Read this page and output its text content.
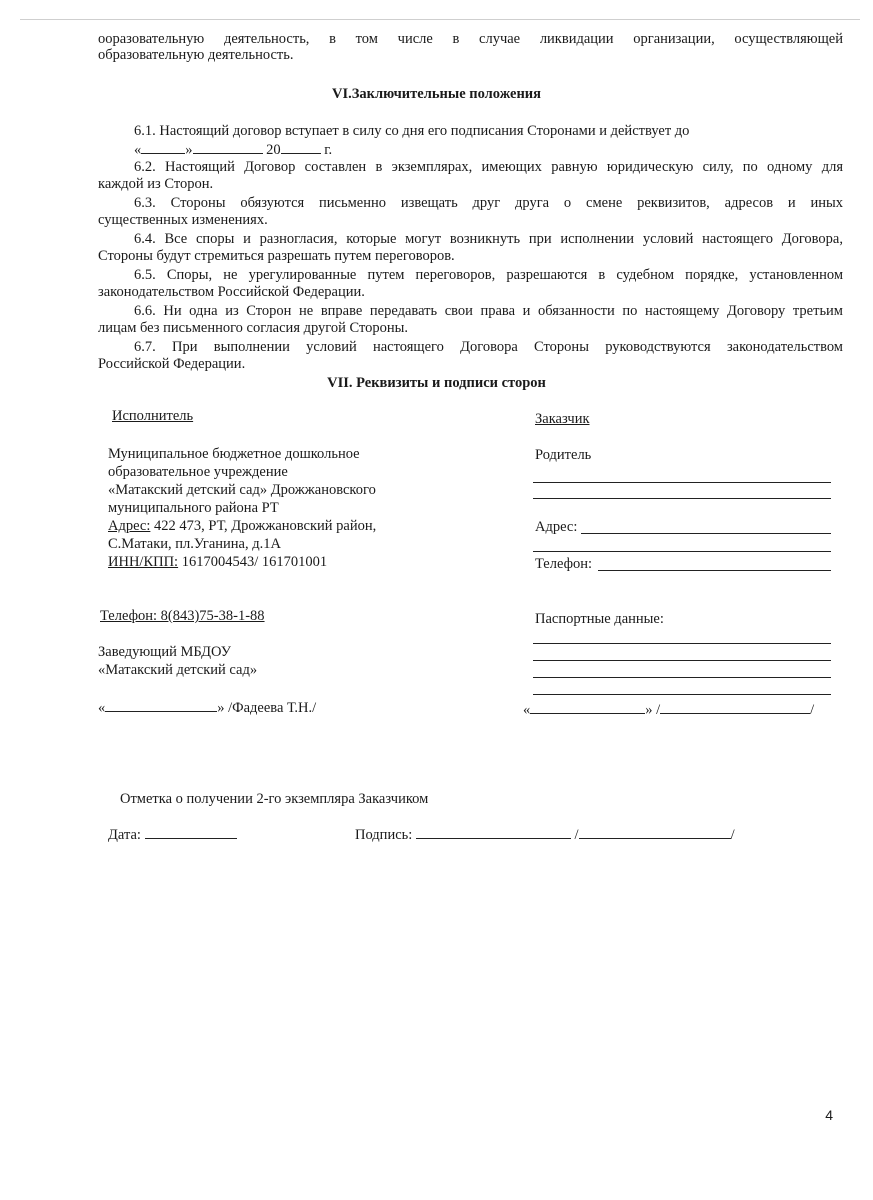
ооразовательную деятельность, в том числе в случае ликвидации организации, осуществляющей
образовательную деятельность.
VI.Заключительные положения
6.1. Настоящий договор вступает в силу со дня его подписания Сторонами и действует до
«	»	20	г.
6.2. Настоящий Договор составлен в экземплярах, имеющих равную юридическую силу, по одному для
каждой из Сторон.
6.3. Стороны обязуются письменно извещать друг друга о смене реквизитов, адресов и иных
существенных изменениях.
6.4. Все споры и разногласия, которые могут возникнуть при исполнении условий настоящего Договора,
Стороны будут стремиться разрешать путем переговоров.
6.5. Споры, не урегулированные путем переговоров, разрешаются в судебном порядке, установленном
законодательством Российской Федерации.
6.6. Ни одна из Сторон не вправе передавать свои права и обязанности по настоящему Договору третьим
лицам без письменного согласия другой Стороны.
6.7. При выполнении условий настоящего Договора Стороны руководствуются законодательством
Российской Федерации.
VII. Реквизиты и подписи сторон
Исполнитель
Муниципальное бюджетное дошкольное
образовательное учреждение
«Матакский детский сад» Дрожжановского
муниципального района РТ
Адрес: 422 473, РТ, Дрожжановский район,
С.Матаки, пл.Уганина, д.1А
ИНН/КПП: 1617004543/ 161701001
Телефон: 8(843)75-38-1-88
Заведующий МБДОУ
«Матакский детский сад»
«	» /Фадеева Т.Н./
Заказчик
Родитель
Адрес:
Телефон:
Паспортные данные:
«	» /	/
Отметка о получении 2-го экземпляра Заказчиком
Дата:	Подпись:	/	/
4
